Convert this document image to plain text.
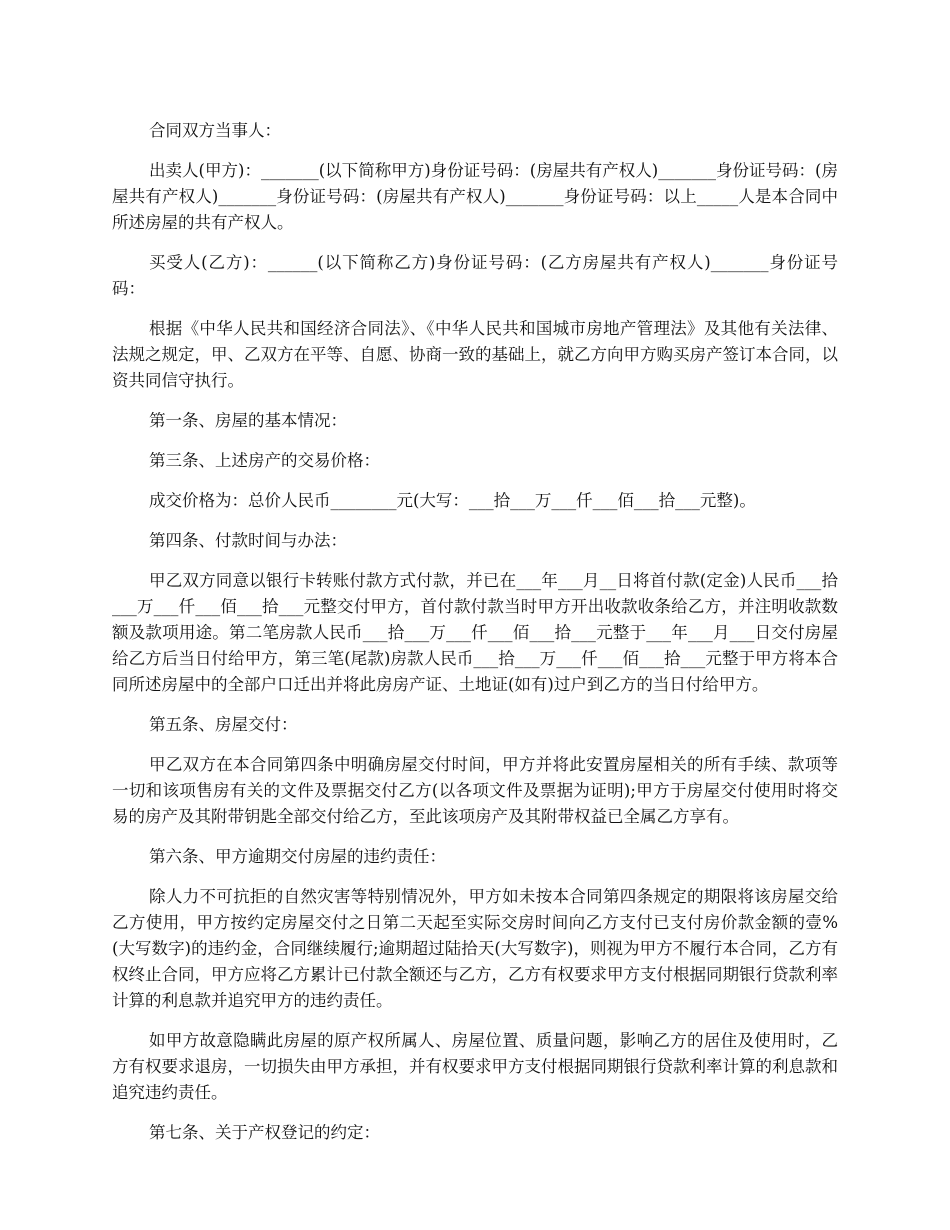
合同双方当事人：

出卖人(甲方)：_______(以下简称甲方)身份证号码：(房屋共有产权人)_______身份证号码：(房屋共有产权人)_______身份证号码：(房屋共有产权人)_______身份证号码：以上_____人是本合同中所述房屋的共有产权人。

买受人(乙方)：______(以下简称乙方)身份证号码：(乙方房屋共有产权人)_______身份证号码：

根据《中华人民共和国经济合同法》、《中华人民共和国城市房地产管理法》及其他有关法律、法规之规定，甲、乙双方在平等、自愿、协商一致的基础上，就乙方向甲方购买房产签订本合同，以资共同信守执行。

第一条、房屋的基本情况：

第三条、上述房产的交易价格：

成交价格为：总价人民币________元(大写：___拾___万___仟___佰___拾___元整)。

第四条、付款时间与办法：

甲乙双方同意以银行卡转账付款方式付款，并已在___年___月__日将首付款(定金)人民币___拾___万___仟___佰___拾___元整交付甲方，首付款付款当时甲方开出收款收条给乙方，并注明收款数额及款项用途。第二笔房款人民币___拾___万___仟___佰___拾___元整于___年___月___日交付房屋给乙方后当日付给甲方，第三笔(尾款)房款人民币___拾___万___仟___佰___拾___元整于甲方将本合同所述房屋中的全部户口迁出并将此房房产证、土地证(如有)过户到乙方的当日付给甲方。

第五条、房屋交付：

甲乙双方在本合同第四条中明确房屋交付时间，甲方并将此安置房屋相关的所有手续、款项等一切和该项售房有关的文件及票据交付乙方(以各项文件及票据为证明);甲方于房屋交付使用时将交易的房产及其附带钥匙全部交付给乙方，至此该项房产及其附带权益已全属乙方享有。

第六条、甲方逾期交付房屋的违约责任：

除人力不可抗拒的自然灾害等特别情况外，甲方如未按本合同第四条规定的期限将该房屋交给乙方使用，甲方按约定房屋交付之日第二天起至实际交房时间向乙方支付已支付房价款金额的壹%(大写数字)的违约金，合同继续履行;逾期超过陆拾天(大写数字)，则视为甲方不履行本合同，乙方有权终止合同，甲方应将乙方累计已付款全额还与乙方，乙方有权要求甲方支付根据同期银行贷款利率计算的利息款并追究甲方的违约责任。

如甲方故意隐瞒此房屋的原产权所属人、房屋位置、质量问题，影响乙方的居住及使用时，乙方有权要求退房，一切损失由甲方承担，并有权要求甲方支付根据同期银行贷款利率计算的利息款和追究违约责任。

第七条、关于产权登记的约定：
